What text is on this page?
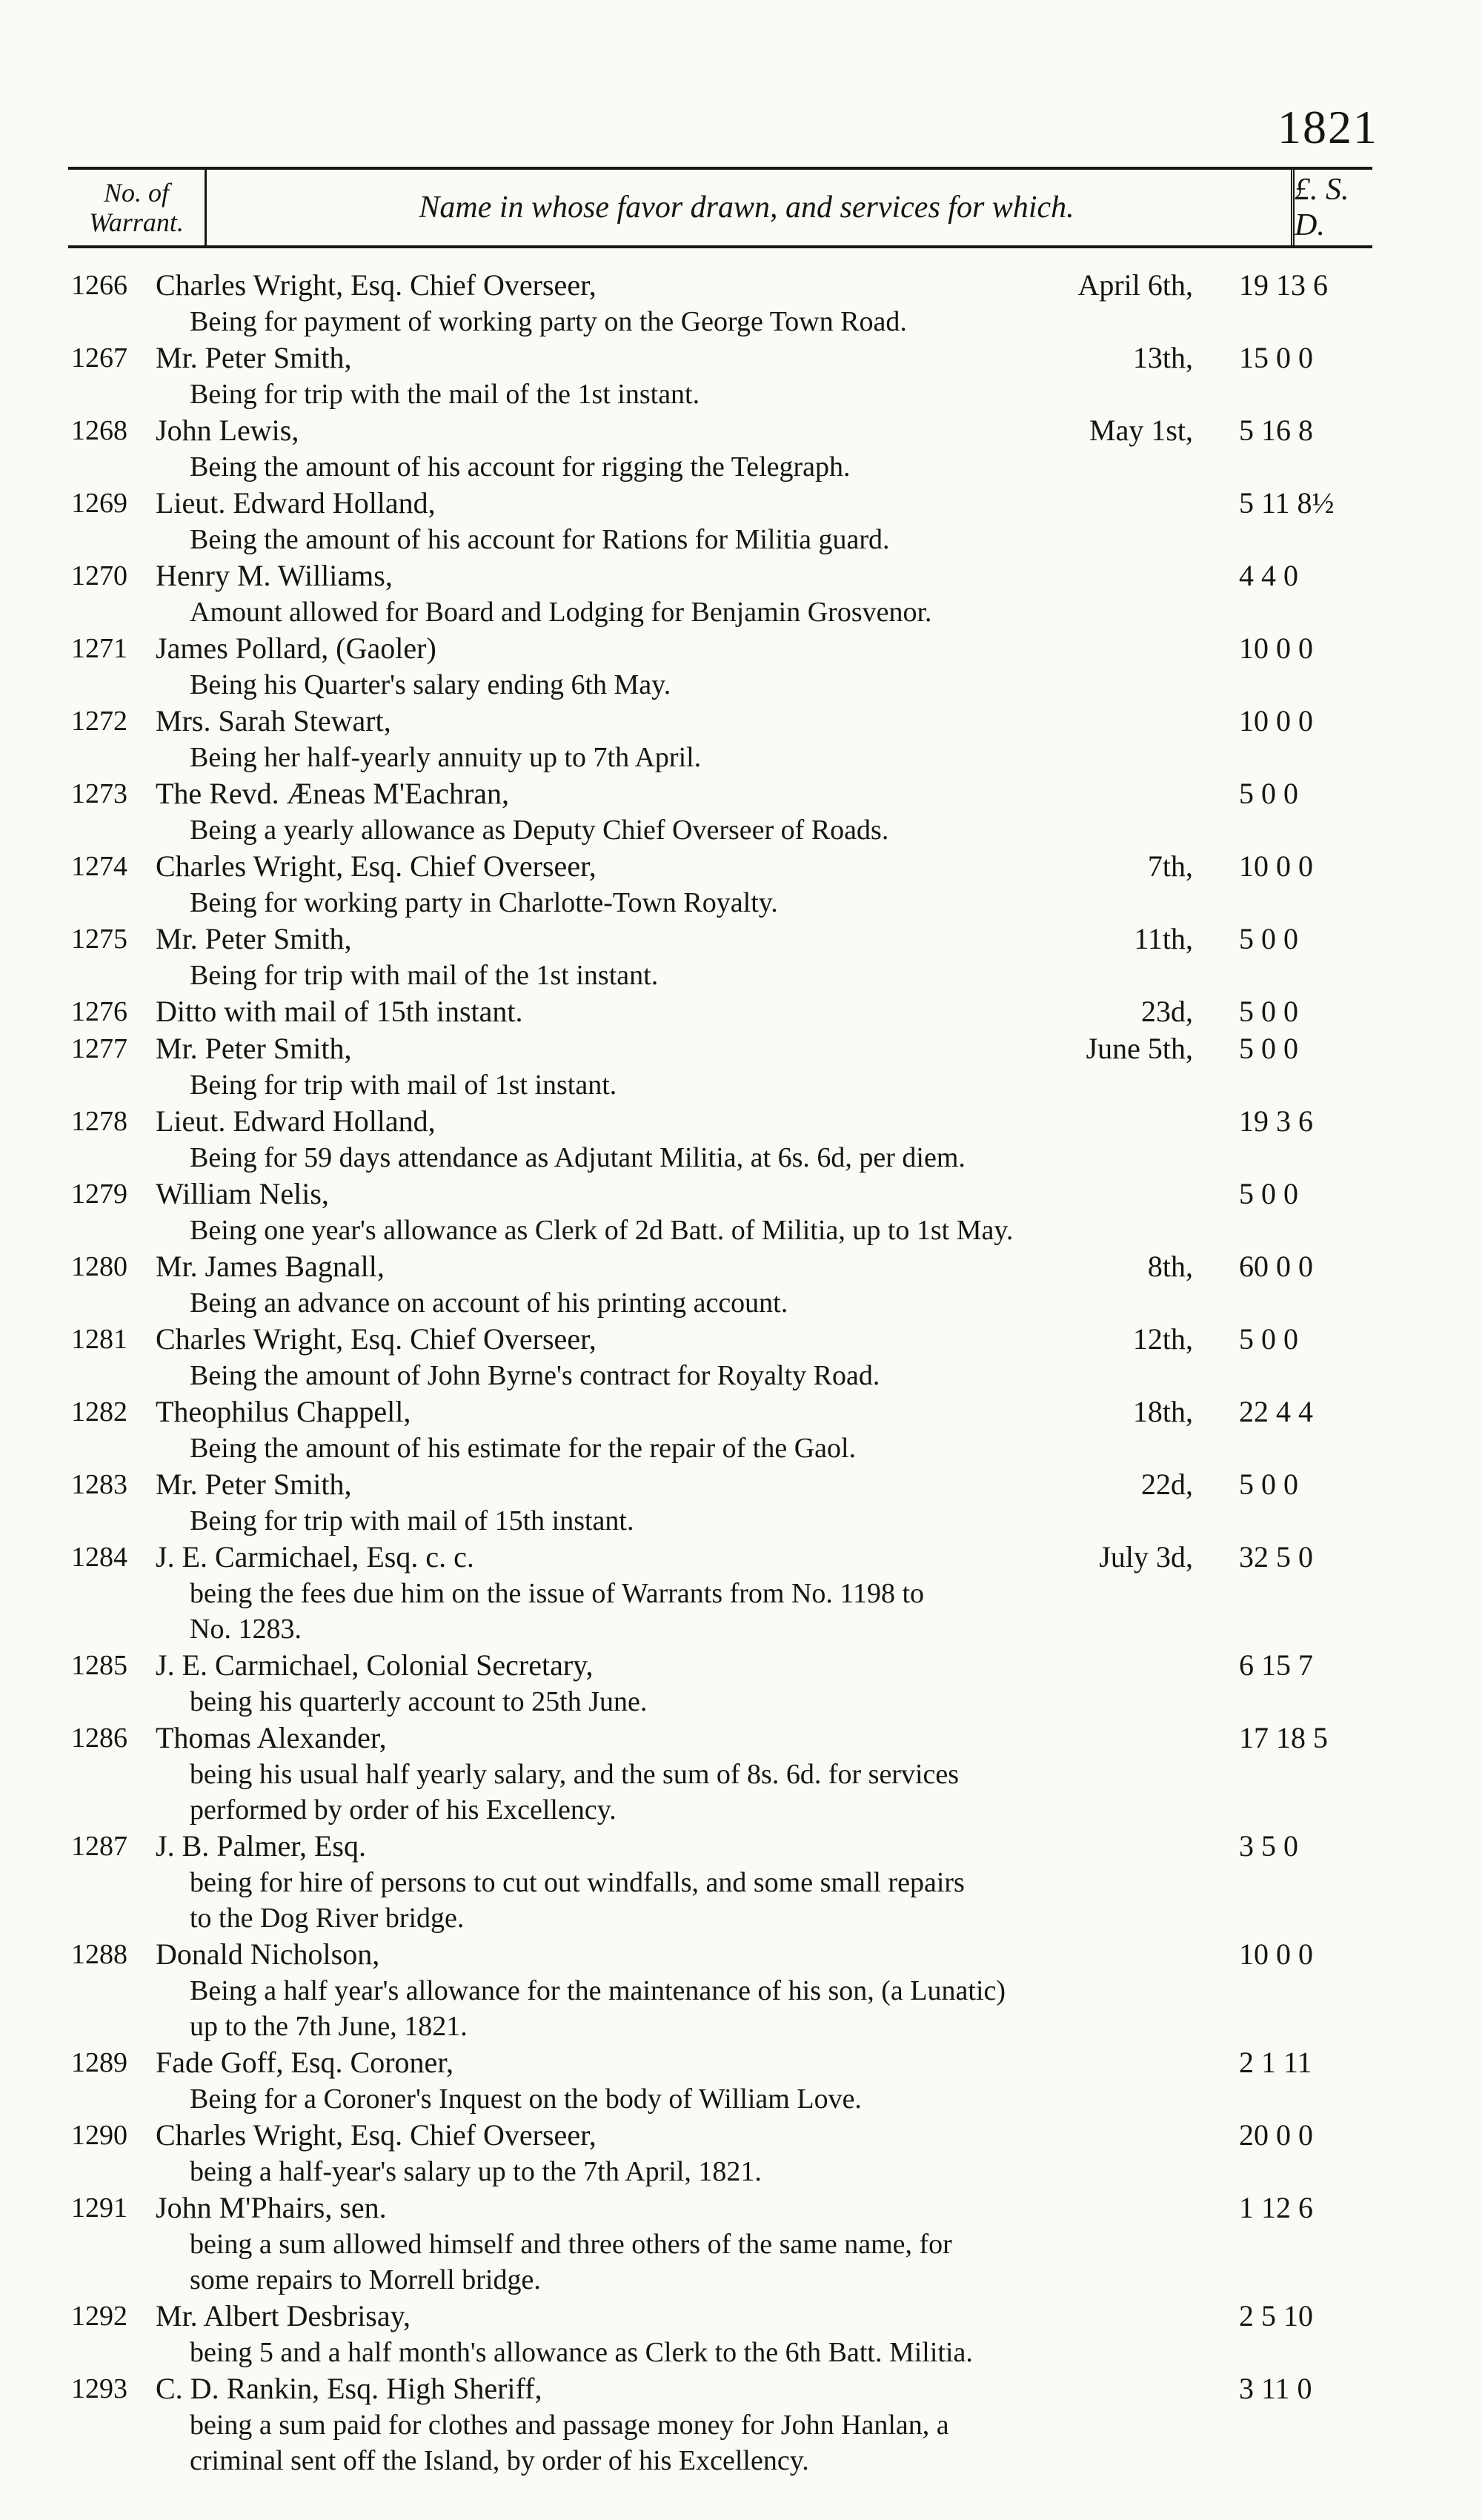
1821
No. of
Warrant.	Name in whose favor drawn, and services for which.
£. S. D.
1266 Charles Wright, Esq. Chief Overseer,	April 6th, 19 13 6
Being for payment of working party on the George Town Road.
1267 Mr. Peter Smith,	13th, 15 0 0
Being for trip with the mail of the 1st instant.
1268 John Lewis,	May 1st, 5 16 8
Being the amount of his account for rigging the Telegraph.
1269 Lieut. Edward Holland,	5 11 8½
Being the amount of his account for Rations for Militia guard.
1270 Henry M. Williams,	4 4 0
Amount allowed for Board and Lodging for Benjamin Grosvenor.
1271 James Pollard, (Gaoler)	10 0 0
Being his Quarter's salary ending 6th May.
1272 Mrs. Sarah Stewart,	10 0 0
Being her half-yearly annuity up to 7th April.
1273 The Revd. Æneas M'Eachran,	5 0 0
Being a yearly allowance as Deputy Chief Overseer of Roads.
1274 Charles Wright, Esq. Chief Overseer,	7th, 10 0 0
Being for working party in Charlotte-Town Royalty.
1275 Mr. Peter Smith,	11th, 5 0 0
Being for trip with mail of the 1st instant.
1276 Ditto with mail of 15th instant.	23d, 5 0 0
1277 Mr. Peter Smith,	June 5th, 5 0 0
Being for trip with mail of 1st instant.
1278 Lieut. Edward Holland,	19 3 6
Being for 59 days attendance as Adjutant Militia, at 6s. 6d, per diem.
1279 William Nelis,	5 0 0
Being one year's allowance as Clerk of 2d Batt. of Militia, up to 1st May.
1280 Mr. James Bagnall,	8th, 60 0 0
Being an advance on account of his printing account.
1281 Charles Wright, Esq. Chief Overseer,	12th, 5 0 0
Being the amount of John Byrne's contract for Royalty Road.
1282 Theophilus Chappell,	18th, 22 4 4
Being the amount of his estimate for the repair of the Gaol.
1283 Mr. Peter Smith,	22d, 5 0 0
Being for trip with mail of 15th instant.
1284 J. E. Carmichael, Esq. c. c.	July 3d, 32 5 0
being the fees due him on the issue of Warrants from No. 1198 to
No. 1283.
1285 J. E. Carmichael, Colonial Secretary,	6 15 7
being his quarterly account to 25th June.
1286 Thomas Alexander,	17 18 5
being his usual half yearly salary, and the sum of 8s. 6d. for services
performed by order of his Excellency.
1287 J. B. Palmer, Esq.	3 5 0
being for hire of persons to cut out windfalls, and some small repairs
to the Dog River bridge.
1288 Donald Nicholson,	10 0 0
Being a half year's allowance for the maintenance of his son, (a Lunatic)
up to the 7th June, 1821.
1289 Fade Goff, Esq. Coroner,	2 1 11
Being for a Coroner's Inquest on the body of William Love.
1290 Charles Wright, Esq. Chief Overseer,	20 0 0
being a half-year's salary up to the 7th April, 1821.
1291 John M'Phairs, sen.	1 12 6
being a sum allowed himself and three others of the same name, for
some repairs to Morrell bridge.
1292 Mr. Albert Desbrisay,	2 5 10
being 5 and a half month's allowance as Clerk to the 6th Batt. Militia.
1293 C. D. Rankin, Esq. High Sheriff,	3 11 0
being a sum paid for clothes and passage money for John Hanlan, a
criminal sent off the Island, by order of his Excellency.
